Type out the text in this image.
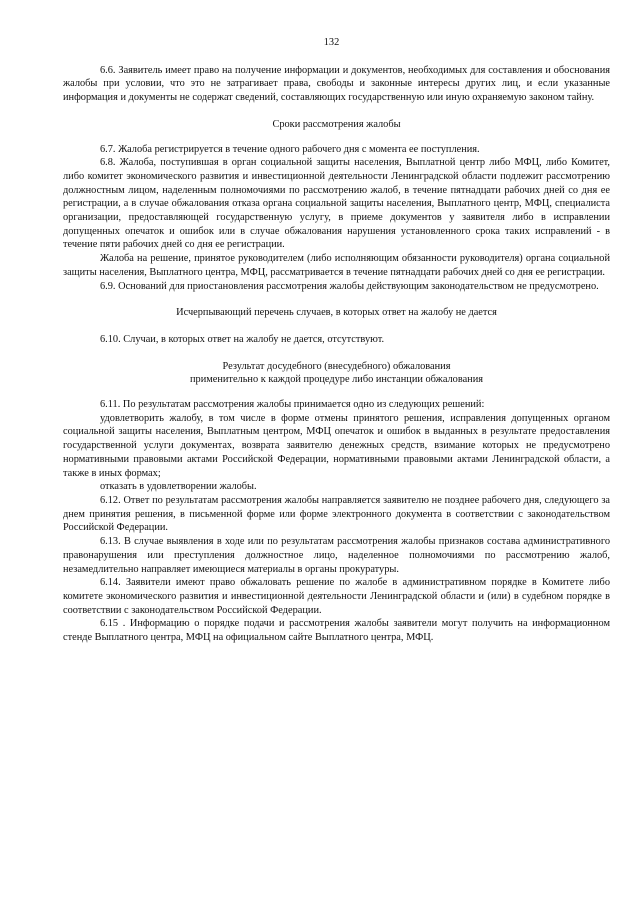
132

6.6. Заявитель имеет право на получение информации и документов, необходимых для составления и обоснования жалобы при условии, что это не затрагивает права, свободы и законные интересы других лиц, и если указанные информация и документы не содержат сведений, составляющих государственную или иную охраняемую законом тайну.

Сроки рассмотрения жалобы

6.7. Жалоба регистрируется в течение одного рабочего дня с момента ее поступления.

6.8. Жалоба, поступившая в орган социальной защиты населения, Выплатной центр либо МФЦ, либо Комитет, либо комитет экономического развития и инвестиционной деятельности Ленинградской области подлежит рассмотрению должностным лицом, наделенным полномочиями по рассмотрению жалоб, в течение пятнадцати рабочих дней со дня ее регистрации, а в случае обжалования отказа органа социальной защиты населения, Выплатного центр, МФЦ, специалиста организации, предоставляющей государственную услугу, в приеме документов у заявителя либо в исправлении допущенных опечаток и ошибок или в случае обжалования нарушения установленного срока таких исправлений - в течение пяти рабочих дней со дня ее регистрации.

Жалоба на решение, принятое руководителем (либо исполняющим обязанности руководителя) органа социальной защиты населения, Выплатного центра, МФЦ, рассматривается в течение пятнадцати рабочих дней со дня ее регистрации.

6.9. Оснований для приостановления рассмотрения жалобы действующим законодательством не предусмотрено.

Исчерпывающий перечень случаев, в которых ответ на жалобу не дается

6.10. Случаи, в которых ответ на жалобу не дается, отсутствуют.

Результат досудебного (внесудебного) обжалования

применительно к каждой процедуре либо инстанции обжалования

6.11. По результатам рассмотрения жалобы принимается одно из следующих решений:

удовлетворить жалобу, в том числе в форме отмены принятого решения, исправления допущенных органом социальной защиты населения, Выплатным центром, МФЦ опечаток и ошибок в выданных в результате предоставления государственной услуги документах, возврата заявителю денежных средств, взимание которых не предусмотрено нормативными правовыми актами Российской Федерации, нормативными правовыми актами Ленинградской области, а также в иных формах;

отказать в удовлетворении жалобы.

6.12. Ответ по результатам рассмотрения жалобы направляется заявителю не позднее рабочего дня, следующего за днем принятия решения, в письменной форме или форме электронного документа в соответствии с законодательством Российской Федерации.

6.13. В случае выявления в ходе или по результатам рассмотрения жалобы признаков состава административного правонарушения или преступления должностное лицо, наделенное полномочиями по рассмотрению жалоб, незамедлительно направляет имеющиеся материалы в органы прокуратуры.

6.14. Заявители имеют право обжаловать решение по жалобе в административном порядке в Комитете либо комитете экономического развития и инвестиционной деятельности Ленинградской области и (или) в судебном порядке в соответствии с законодательством Российской Федерации.

6.15 . Информацию о порядке подачи и рассмотрения жалобы заявители могут получить на информационном стенде Выплатного центра, МФЦ на официальном сайте Выплатного центра, МФЦ.
